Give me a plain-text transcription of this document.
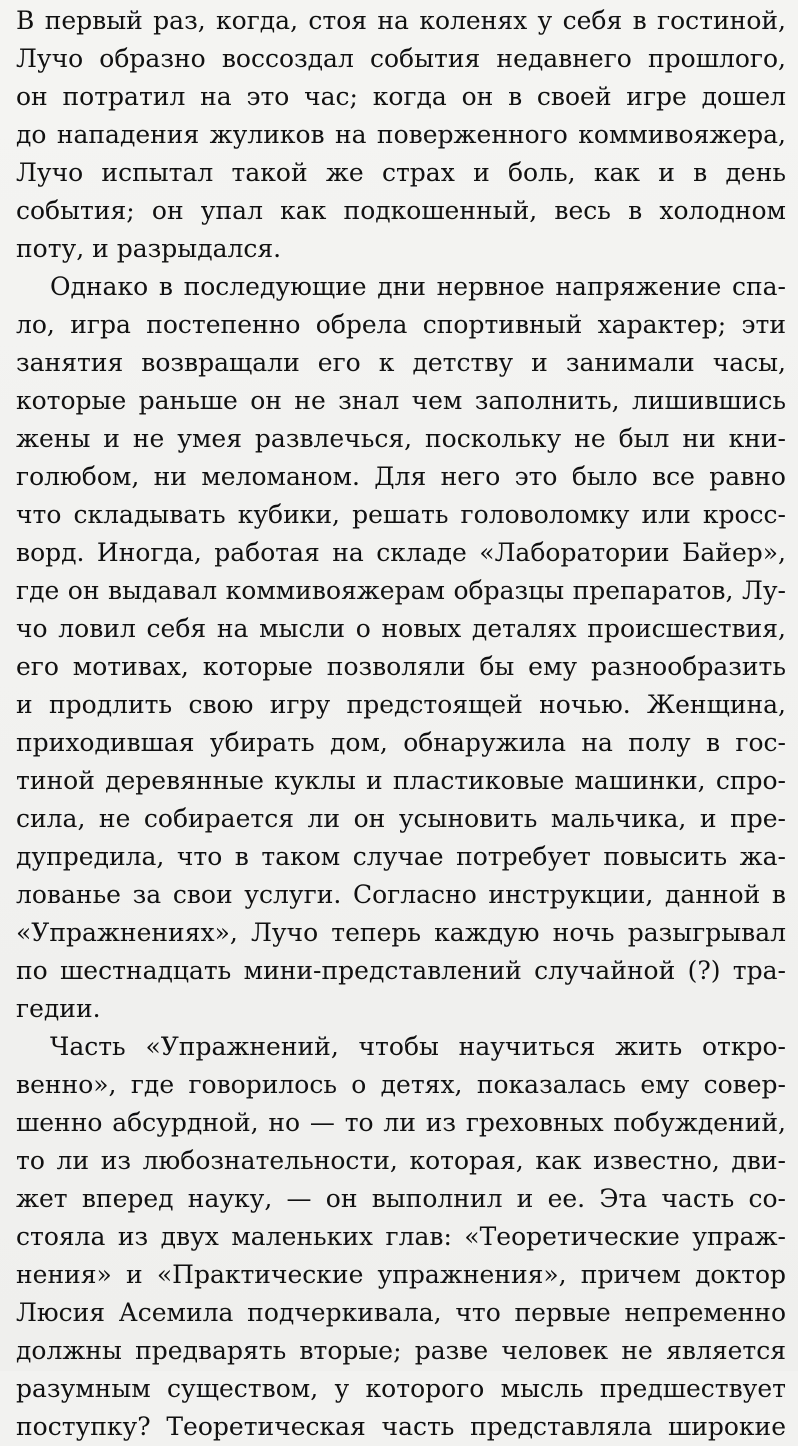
В первый раз, когда, стоя на коленях у себя в гостиной,
Лучо образно воссоздал события недавнего прошлого,
он потратил на это час; когда он в своей игре дошел
до нападения жуликов на поверженного коммивояжера,
Лучо испытал такой же страх и боль, как и в день
события; он упал как подкошенный, весь в холодном
поту, и разрыдался.
Однако в последующие дни нервное напряжение спа-
ло, игра постепенно обрела спортивный характер; эти
занятия возвращали его к детству и занимали часы,
которые раньше он не знал чем заполнить, лишившись
жены и не умея развлечься, поскольку не был ни кни-
голюбом, ни меломаном. Для него это было все равно
что складывать кубики, решать головоломку или кросс-
ворд. Иногда, работая на складе «Лаборатории Байер»,
где он выдавал коммивояжерам образцы препаратов, Лу-
чо ловил себя на мысли о новых деталях происшествия,
его мотивах, которые позволяли бы ему разнообразить
и продлить свою игру предстоящей ночью. Женщина,
приходившая убирать дом, обнаружила на полу в гос-
тиной деревянные куклы и пластиковые машинки, спро-
сила, не собирается ли он усыновить мальчика, и пре-
дупредила, что в таком случае потребует повысить жа-
лованье за свои услуги. Согласно инструкции, данной в
«Упражнениях», Лучо теперь каждую ночь разыгрывал
по шестнадцать мини-представлений случайной (?) тра-
гедии.
Часть «Упражнений, чтобы научиться жить откро-
венно», где говорилось о детях, показалась ему совер-
шенно абсурдной, но — то ли из греховных побуждений,
то ли из любознательности, которая, как известно, дви-
жет вперед науку, — он выполнил и ее. Эта часть со-
стояла из двух маленьких глав: «Теоретические упраж-
нения» и «Практические упражнения», причем доктор
Люсия Асемила подчеркивала, что первые непременно
должны предварять вторые; разве человек не является
разумным существом, у которого мысль предшествует
поступку? Теоретическая часть представляла широкие
